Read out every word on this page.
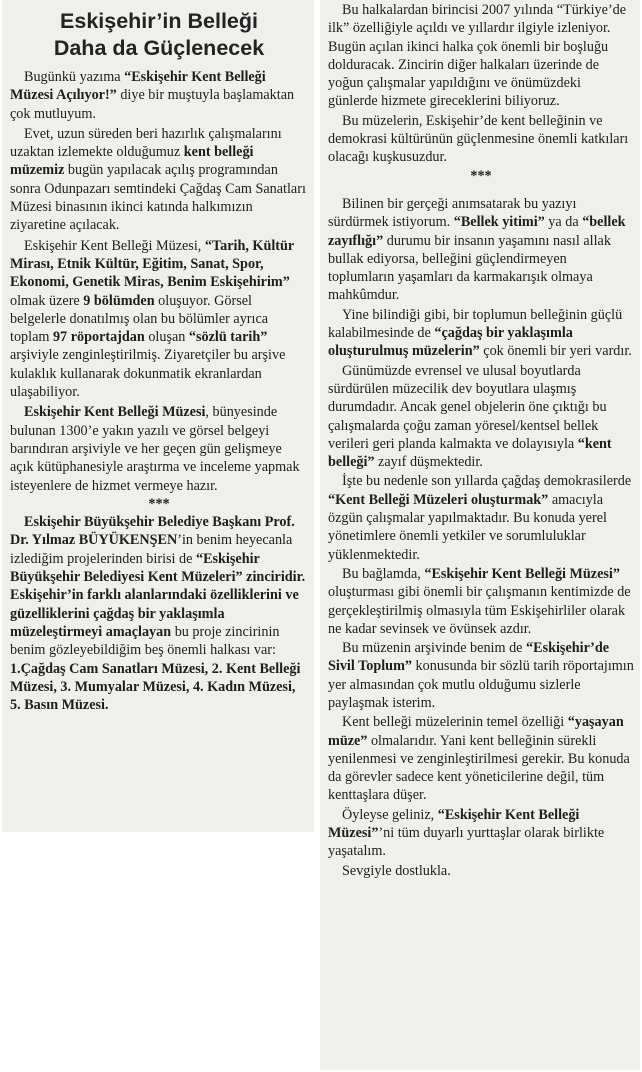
Eskişehir’in Belleği
Daha da Güçlenecek

Bugünkü yazıma “Eskişehir Kent Belleği Müzesi Açılıyor!” diye bir muştuyla başlamaktan çok mutluyum.

Evet, uzun süreden beri hazırlık çalışmalarını uzaktan izlemekte olduğumuz kent belleği müzemiz bugün yapılacak açılış programından sonra Odunpazarı semtindeki Çağdaş Cam Sanatları Müzesi binasının ikinci katında halkımızın ziyaretine açılacak.

Eskişehir Kent Belleği Müzesi, “Tarih, Kültür Mirası, Etnik Kültür, Eğitim, Sanat, Spor, Ekonomi, Genetik Miras, Benim Eskişehirim” olmak üzere 9 bölümden oluşuyor. Görsel belgelerle donatılmış olan bu bölümler ayrıca toplam 97 röportajdan oluşan “sözlü tarih” arşiviyle zenginleştirilmiş. Ziyaretçiler bu arşive kulaklık kullanarak dokunmatik ekranlardan ulaşabiliyor.

Eskişehir Kent Belleği Müzesi, bünyesinde bulunan 1300’e yakın yazılı ve görsel belgeyi barındıran arşiviyle ve her geçen gün gelişmeye açık kütüphanesiyle araştırma ve inceleme yapmak isteyenlere de hizmet vermeye hazır.

***

Eskişehir Büyükşehir Belediye Başkanı Prof. Dr. Yılmaz BÜYÜKENŞEN’in benim heyecanla izlediğim projelerinden birisi de “Eskişehir Büyükşehir Belediyesi Kent Müzeleri” zinciridir. Eskişehir’in farklı alanlarındaki özelliklerini ve güzelliklerini çağdaş bir yaklaşımla müzeleştirmeyi amaçlayan bu proje zincirinin benim gözleyebildiğim beş önemli halkası var: 1.Çağdaş Cam Sanatları Müzesi, 2. Kent Belleği Müzesi, 3. Mumyalar Müzesi, 4. Kadın Müzesi, 5. Basın Müzesi.

Bu halkalardan birincisi 2007 yılında “Türkiye’de ilk” özelliğiyle açıldı ve yıllardır ilgiyle izleniyor. Bugün açılan ikinci halka çok önemli bir boşluğu dolduracak. Zincirin diğer halkaları üzerinde de yoğun çalışmalar yapıldığını ve önümüzdeki günlerde hizmete gireceklerini biliyoruz.

Bu müzelerin, Eskişehir’de kent belleğinin ve demokrasi kültürünün güçlenmesine önemli katkıları olacağı kuşkusuzdur.

***

Bilinen bir gerçeği anımsatarak bu yazıyı sürdürmek istiyorum. “Bellek yitimi” ya da “bellek zayıflığı” durumu bir insanın yaşamını nasıl allak bullak ediyorsa, belleğini güçlendirmeyen toplumların yaşamları da karmakarışık olmaya mahkûmdur.

Yine bilindiği gibi, bir toplumun belleğinin güçlü kalabilmesinde de “çağdaş bir yaklaşımla oluşturulmuş müzelerin” çok önemli bir yeri vardır.

Günümüzde evrensel ve ulusal boyutlarda sürdürülen müzecilik dev boyutlara ulaşmış durumdadır. Ancak genel objelerin öne çıktığı bu çalışmalarda çoğu zaman yöresel/kentsel bellek verileri geri planda kalmakta ve dolayısıyla “kent belleği” zayıf düşmektedir.

İşte bu nedenle son yıllarda çağdaş demokrasilerde “Kent Belleği Müzeleri oluşturmak” amacıyla özgün çalışmalar yapılmaktadır. Bu konuda yerel yönetimlere önemli yetkiler ve sorumluluklar yüklenmektedir.

Bu bağlamda, “Eskişehir Kent Belleği Müzesi” oluşturması gibi önemli bir çalışmanın kentimizde de gerçekleştirilmiş olmasıyla tüm Eskişehirliler olarak ne kadar sevinsek ve övünsek azdır.

Bu müzenin arşivinde benim de “Eskişehir’de Sivil Toplum” konusunda bir sözlü tarih röportajımın yer almasından çok mutlu olduğumu sizlerle paylaşmak isterim.

Kent belleği müzelerinin temel özelliği “yaşayan müze” olmalarıdır. Yani kent belleğinin sürekli yenilenmesi ve zenginleştirilmesi gerekir. Bu konuda da görevler sadece kent yöneticilerine değil, tüm kenttaşlara düşer.

Öyleyse geliniz, “Eskişehir Kent Belleği Müzesi”’ni tüm duyarlı yurttaşlar olarak birlikte yaşatalım.

Sevgiyle dostlukla.
